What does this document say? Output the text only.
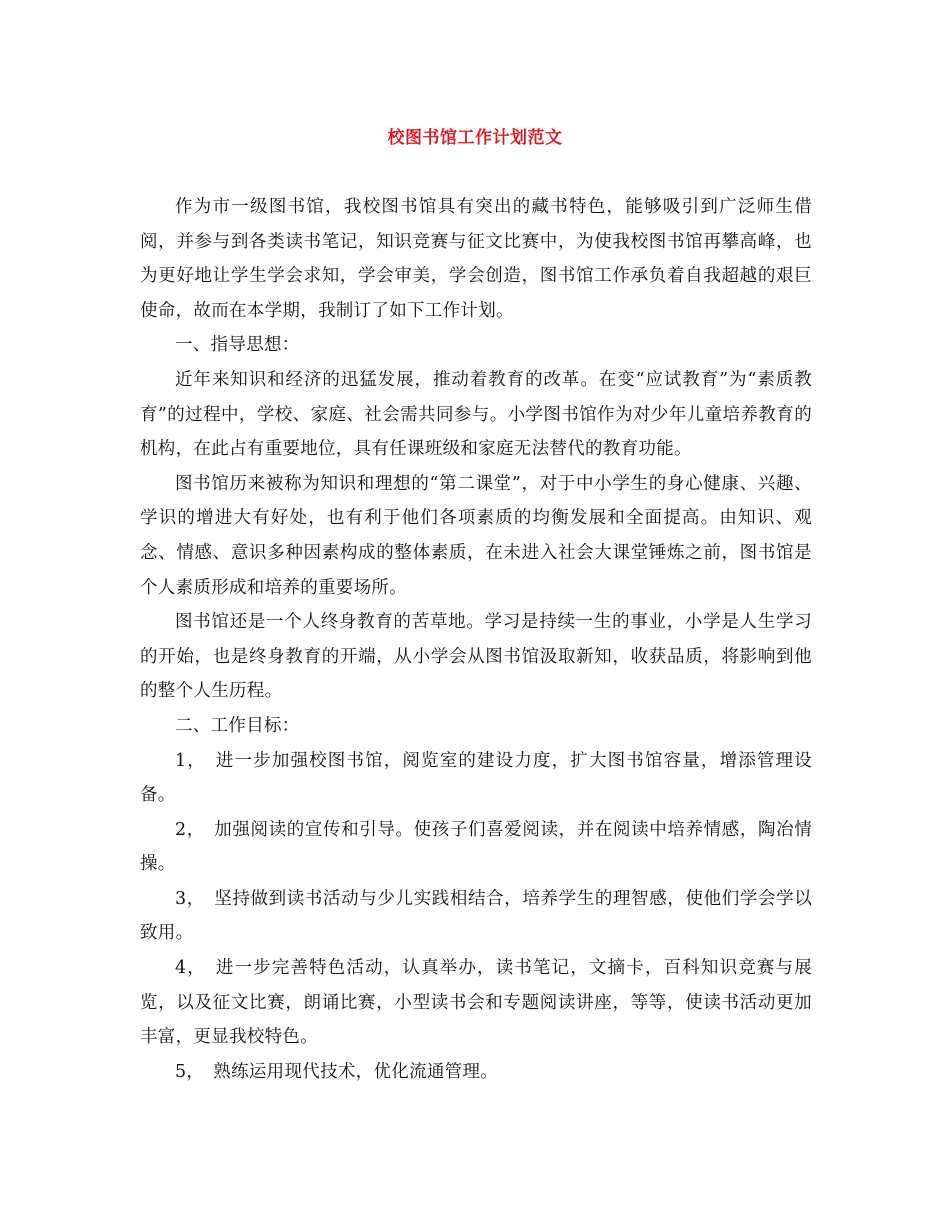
校图书馆工作计划范文

作为市一级图书馆，我校图书馆具有突出的藏书特色，能够吸引到广泛师生借阅，并参与到各类读书笔记，知识竞赛与征文比赛中，为使我校图书馆再攀高峰，也为更好地让学生学会求知，学会审美，学会创造，图书馆工作承负着自我超越的艰巨使命，故而在本学期，我制订了如下工作计划。

一、指导思想：

近年来知识和经济的迅猛发展，推动着教育的改革。在变“应试教育”为“素质教育”的过程中，学校、家庭、社会需共同参与。小学图书馆作为对少年儿童培养教育的机构，在此占有重要地位，具有任课班级和家庭无法替代的教育功能。

图书馆历来被称为知识和理想的“第二课堂”，对于中小学生的身心健康、兴趣、学识的增进大有好处，也有利于他们各项素质的均衡发展和全面提高。由知识、观念、情感、意识多种因素构成的整体素质，在未进入社会大课堂锤炼之前，图书馆是个人素质形成和培养的重要场所。

图书馆还是一个人终身教育的苦草地。学习是持续一生的事业，小学是人生学习的开始，也是终身教育的开端，从小学会从图书馆汲取新知，收获品质，将影响到他的整个人生历程。

二、工作目标：

1，　进一步加强校图书馆，阅览室的建设力度，扩大图书馆容量，增添管理设备。

2，　加强阅读的宣传和引导。使孩子们喜爱阅读，并在阅读中培养情感，陶冶情操。

3，　坚持做到读书活动与少儿实践相结合，培养学生的理智感，使他们学会学以致用。

4，　进一步完善特色活动，认真举办，读书笔记，文摘卡，百科知识竞赛与展览，以及征文比赛，朗诵比赛，小型读书会和专题阅读讲座，等等，使读书活动更加丰富，更显我校特色。

5，　熟练运用现代技术，优化流通管理。
